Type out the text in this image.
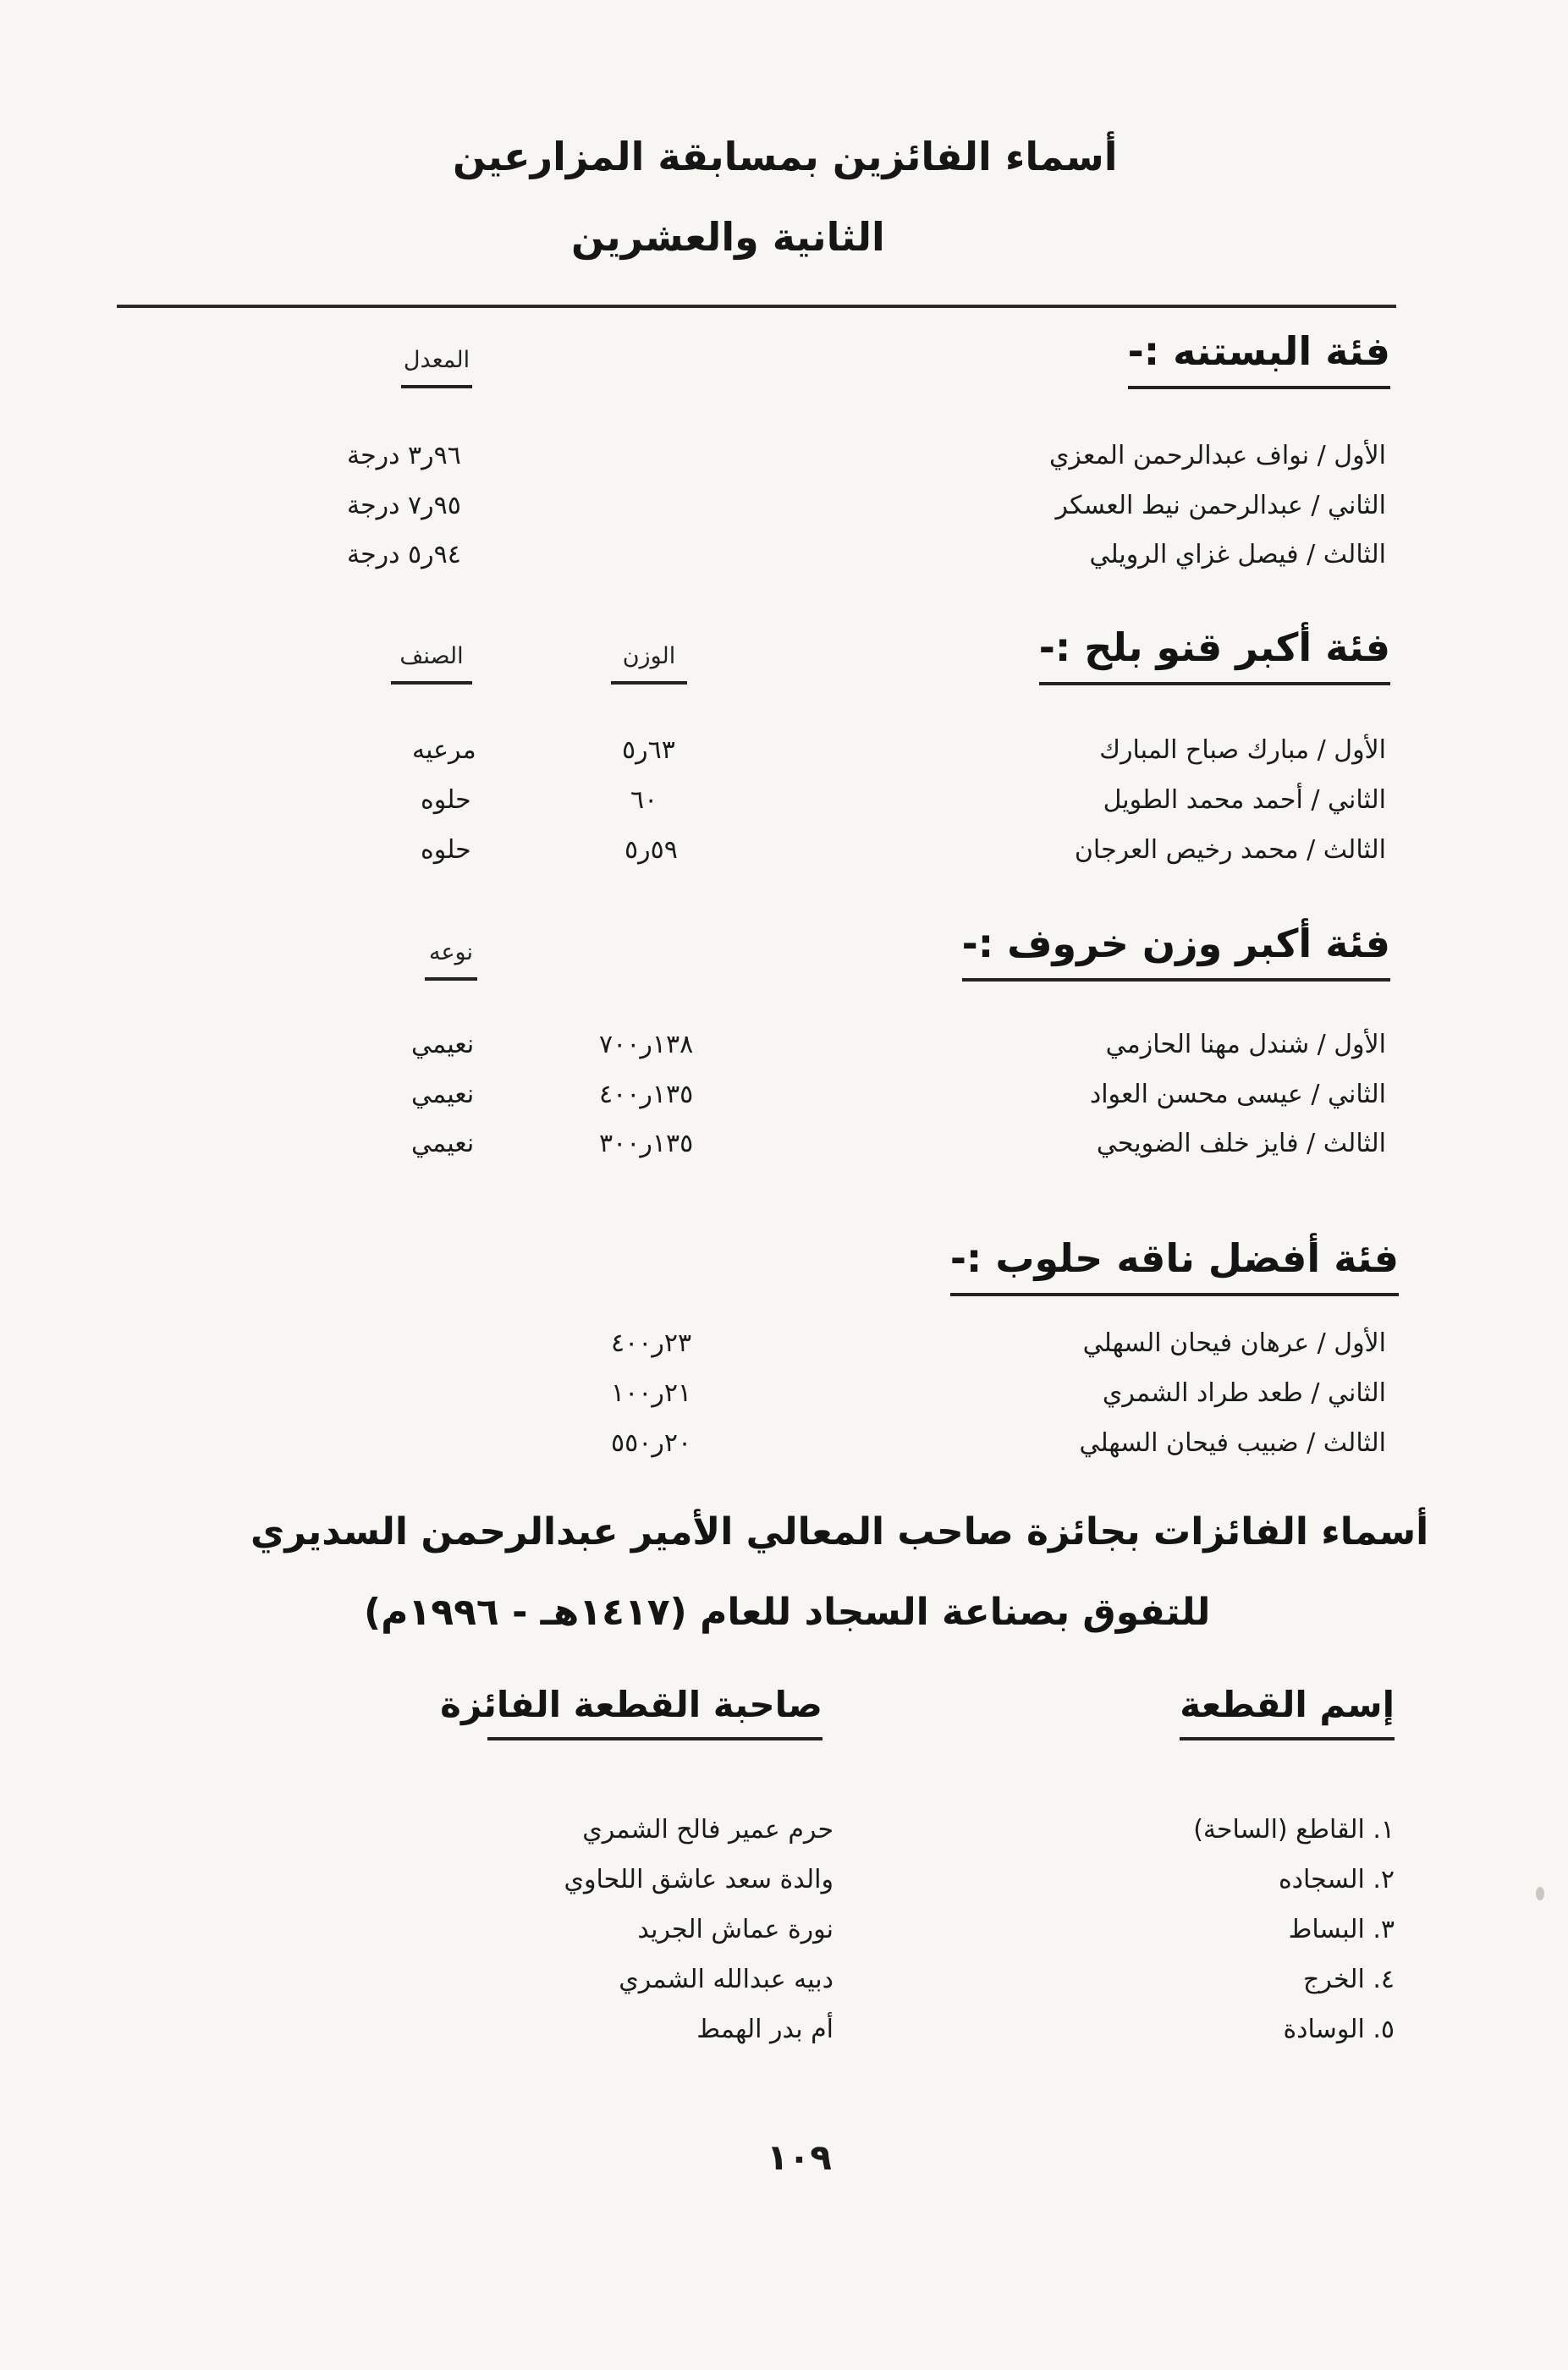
أسماء الفائزين بمسابقة المزارعين
الثانية والعشرين
فئة البستنه :-
المعدل
الأول / نواف عبدالرحمن المعزي
٩٦ر٣ درجة
الثاني / عبدالرحمن نيط العسكر
٩٥ر٧ درجة
الثالث / فيصل غزاي الرويلي
٩٤ر٥ درجة
فئة أكبر قنو بلح :-
الوزن
الصنف
الأول / مبارك صباح المبارك
٦٣ر٥
مرعيه
الثاني / أحمد محمد الطويل
٦٠
حلوه
الثالث / محمد رخيص العرجان
٥٩ر٥
حلوه
فئة أكبر وزن خروف :-
نوعه
الأول / شندل مهنا الحازمي
١٣٨ر٧٠٠
نعيمي
الثاني / عيسى محسن العواد
١٣٥ر٤٠٠
نعيمي
الثالث / فايز خلف الضويحي
١٣٥ر٣٠٠
نعيمي
فئة أفضل ناقه حلوب :-
الأول / عرهان فيحان السهلي
٢٣ر٤٠٠
الثاني / طعد طراد الشمري
٢١ر١٠٠
الثالث / ضبيب فيحان السهلي
٢٠ر٥٥٠
أسماء الفائزات بجائزة صاحب المعالي الأمير عبدالرحمن السديري
للتفوق بصناعة السجاد للعام (١٤١٧هـ - ١٩٩٦م)
إسم القطعة
صاحبة القطعة الفائزة
١. القاطع (الساحة)
حرم عمير فالح الشمري
٢. السجاده
والدة سعد عاشق اللحاوي
٣. البساط
نورة عماش الجريد
٤. الخرج
دبيه عبدالله الشمري
٥. الوسادة
أم بدر الهمط
١٠٩
